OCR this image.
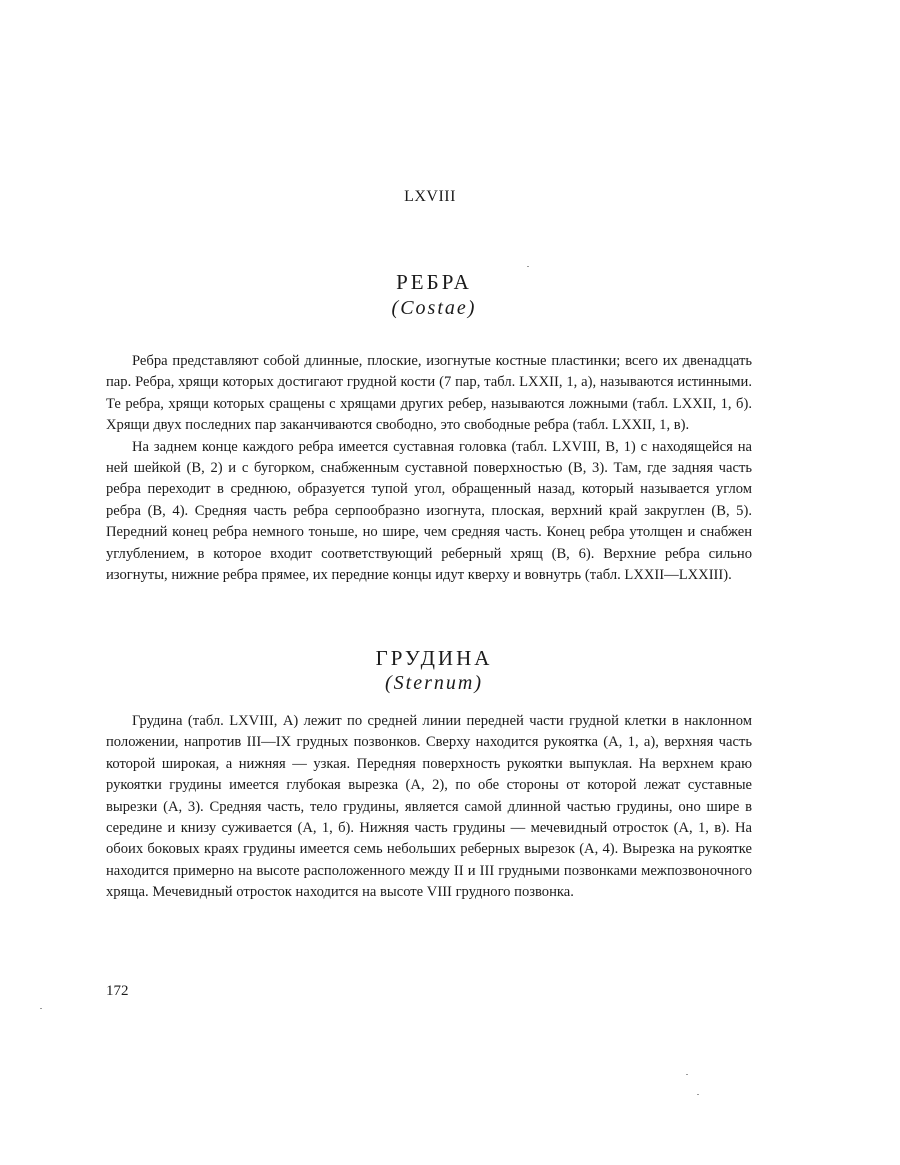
LXVIII
РЕБРА
(Costae)

Ребра представляют собой длинные, плоские, изогнутые костные пластинки; всего их двенадцать пар. Ребра, хрящи которых достигают грудной кости (7 пар, табл. LXXII, 1, а), называются истинными. Те ребра, хрящи которых сращены с хрящами других ребер, называются ложными (табл. LXXII, 1, б). Хрящи двух последних пар заканчиваются свободно, это свободные ребра (табл. LXXII, 1, в).

На заднем конце каждого ребра имеется суставная головка (табл. LXVIII, В, 1) с находящейся на ней шейкой (В, 2) и с бугорком, снабженным суставной поверхностью (В, 3). Там, где задняя часть ребра переходит в среднюю, образуется тупой угол, обращенный назад, который называется углом ребра (В, 4). Средняя часть ребра серпообразно изогнута, плоская, верхний край закруглен (В, 5). Передний конец ребра немного тоньше, но шире, чем средняя часть. Конец ребра утолщен и снабжен углублением, в которое входит соответствующий реберный хрящ (В, 6). Верхние ребра сильно изогнуты, нижние ребра прямее, их передние концы идут кверху и вовнутрь (табл. LXXII—LXXIII).

ГРУДИНА
(Sternum)

Грудина (табл. LXVIII, А) лежит по средней линии передней части грудной клетки в наклонном положении, напротив III—IX грудных позвонков. Сверху находится рукоятка (А, 1, а), верхняя часть которой широкая, а нижняя — узкая. Передняя поверхность рукоятки выпуклая. На верхнем краю рукоятки грудины имеется глубокая вырезка (А, 2), по обе стороны от которой лежат суставные вырезки (А, 3). Средняя часть, тело грудины, является самой длинной частью грудины, оно шире в середине и книзу суживается (А, 1, б). Нижняя часть грудины — мечевидный отросток (А, 1, в). На обоих боковых краях грудины имеется семь небольших реберных вырезок (А, 4). Вырезка на рукоятке находится примерно на высоте расположенного между II и III грудными позвонками межпозвоночного хряща. Мечевидный отросток находится на высоте VIII грудного позвонка.

172
